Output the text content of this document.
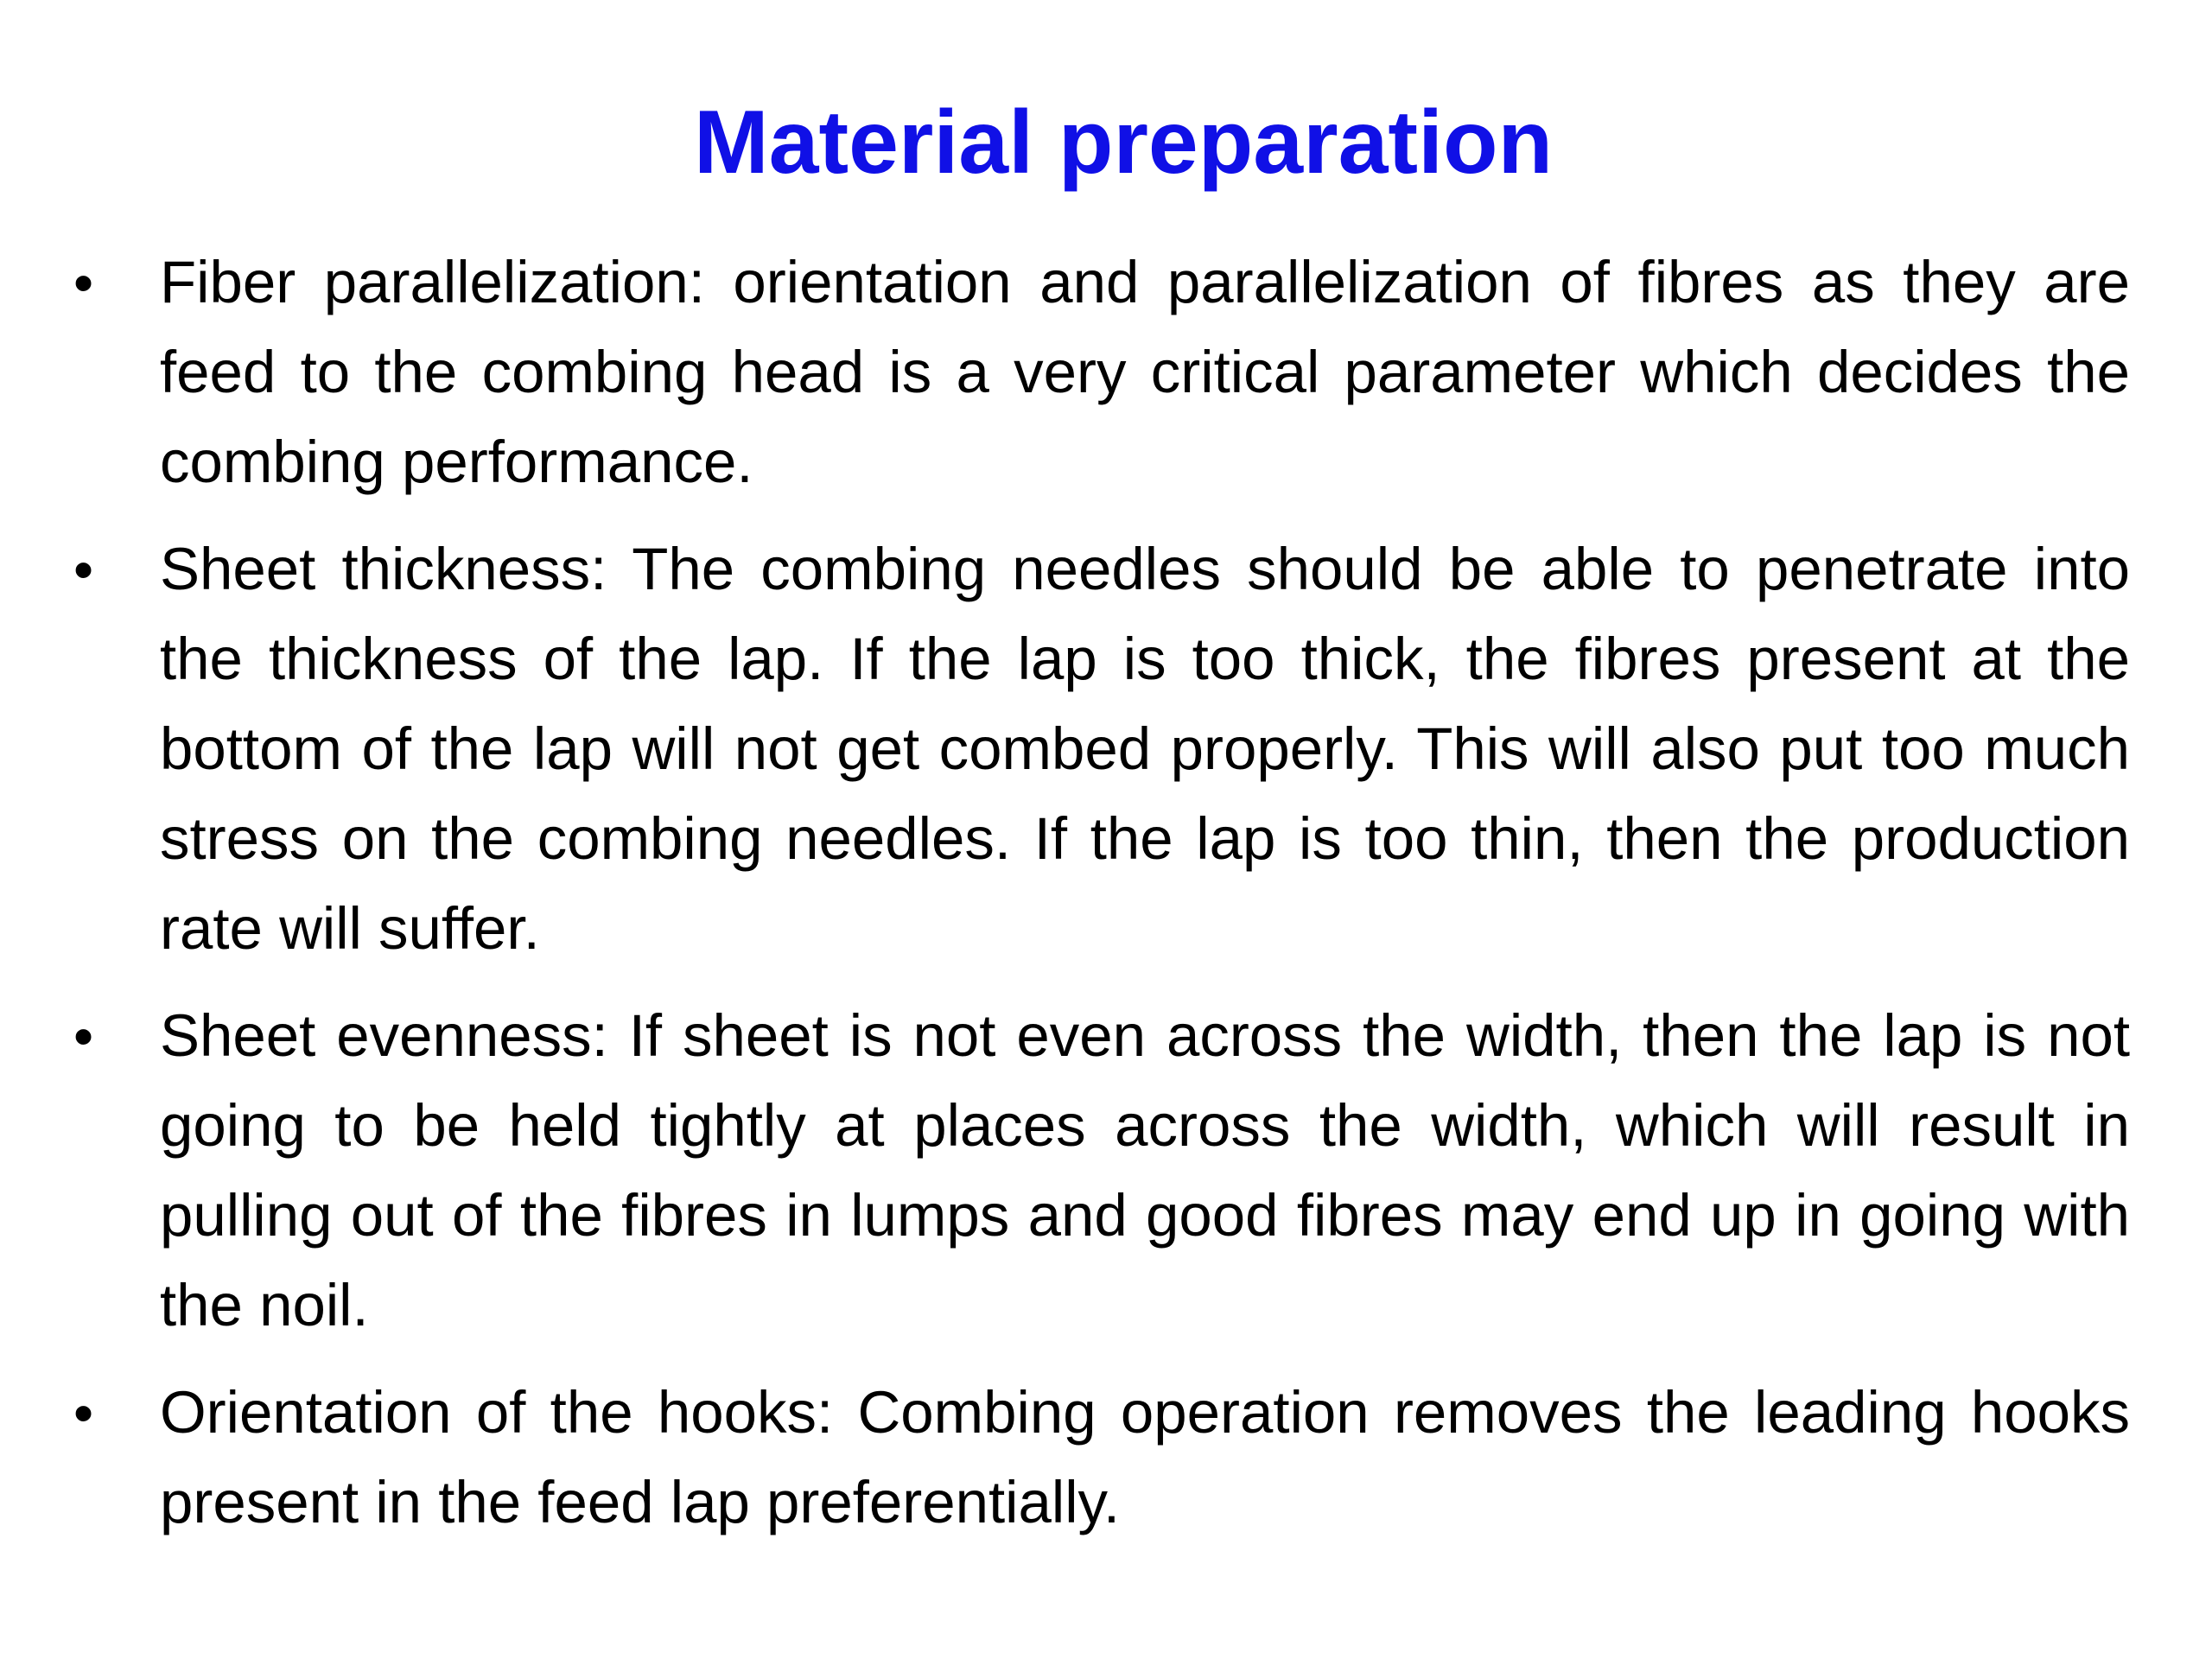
Material preparation
• Fiber parallelization: orientation and parallelization of fibres as they are feed to the combing head is a very critical parameter which decides the combing performance.
• Sheet thickness: The combing needles should be able to penetrate into the thickness of the lap. If the lap is too thick, the fibres present at the bottom of the lap will not get combed properly. This will also put too much stress on the combing needles. If the lap is too thin, then the production rate will suffer.
• Sheet evenness: If sheet is not even across the width, then the lap is not going to be held tightly at places across the width, which will result in pulling out of the fibres in lumps and good fibres may end up in going with the noil.
• Orientation of the hooks: Combing operation removes the leading hooks present in the feed lap preferentially.
